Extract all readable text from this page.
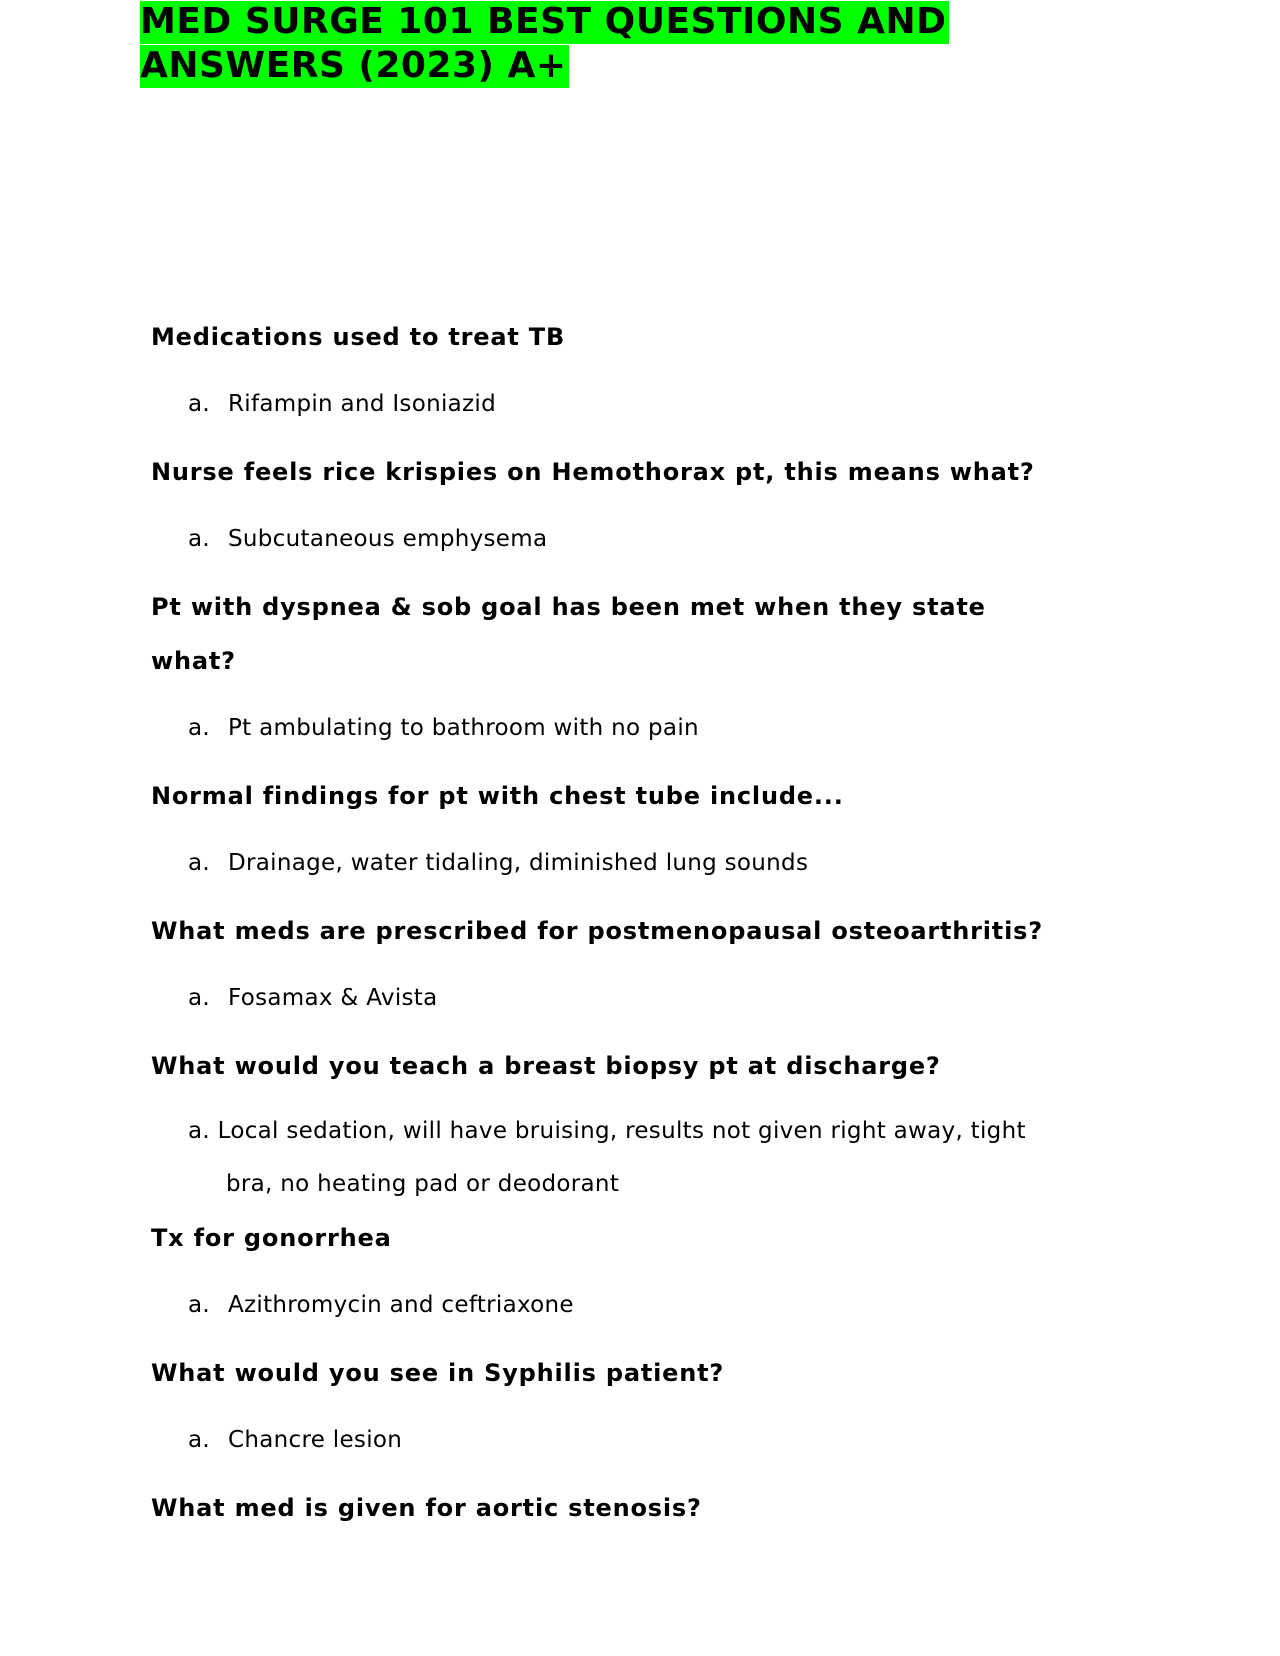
MED SURGE 101 BEST QUESTIONS AND
ANSWERS (2023) A+

Medications used to treat TB

a. Rifampin and Isoniazid

Nurse feels rice krispies on Hemothorax pt, this means what?

a. Subcutaneous emphysema

Pt with dyspnea & sob goal has been met when they state
what?

a. Pt ambulating to bathroom with no pain

Normal findings for pt with chest tube include...

a. Drainage, water tidaling, diminished lung sounds

What meds are prescribed for postmenopausal osteoarthritis?

a. Fosamax & Avista

What would you teach a breast biopsy pt at discharge?

a. Local sedation, will have bruising, results not given right away, tight
bra, no heating pad or deodorant

Tx for gonorrhea

a. Azithromycin and ceftriaxone

What would you see in Syphilis patient?

a. Chancre lesion

What med is given for aortic stenosis?
